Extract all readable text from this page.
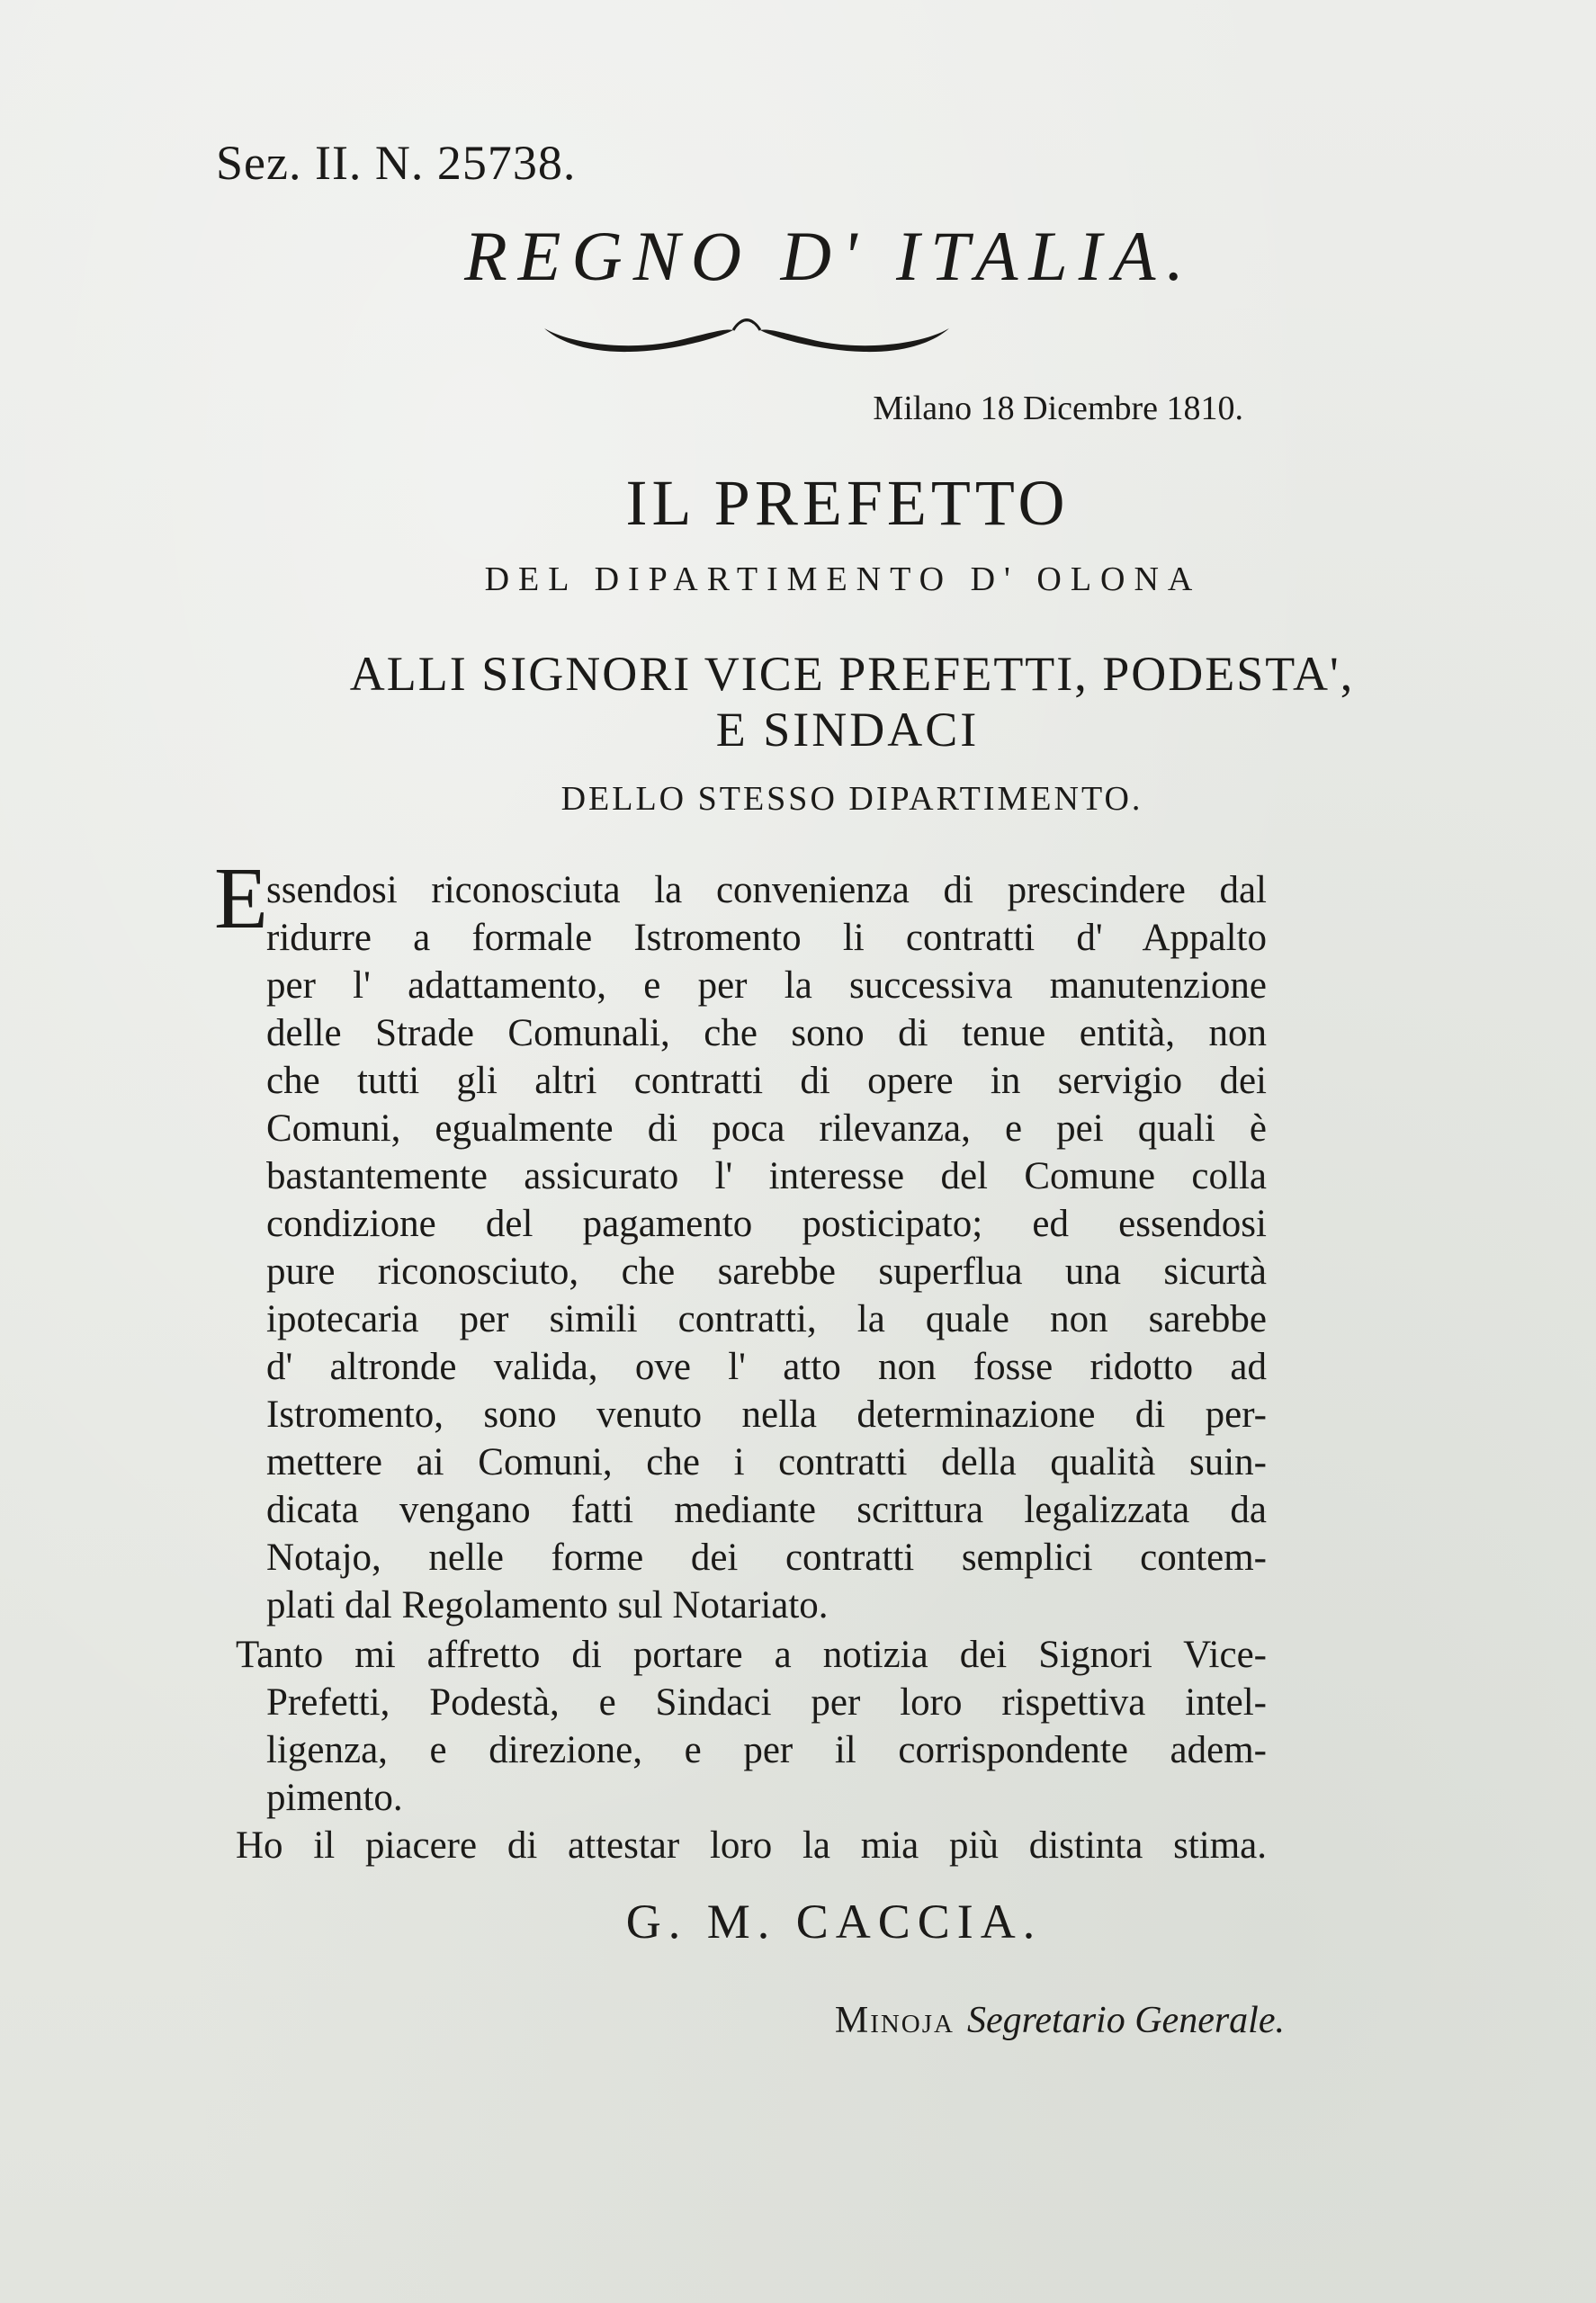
Sez. II. N. 25738.
REGNO D' ITALIA.
Milano 18 Dicembre 1810.
IL PREFETTO
DEL DIPARTIMENTO D' OLONA
ALLI SIGNORI VICE PREFETTI, PODESTA',
E SINDACI
DELLO STESSO DIPARTIMENTO.
E
ssendosi riconosciuta la convenienza di prescindere dal
ridurre a formale Istromento li contratti d' Appalto
per l' adattamento, e per la successiva manutenzione
delle Strade Comunali, che sono di tenue entità, non
che tutti gli altri contratti di opere in servigio dei
Comuni, egualmente di poca rilevanza, e pei quali è
bastantemente assicurato l' interesse del Comune colla
condizione del pagamento posticipato; ed essendosi
pure riconosciuto, che sarebbe superflua una sicurtà
ipotecaria per simili contratti, la quale non sarebbe
d' altronde valida, ove l' atto non fosse ridotto ad
Istromento, sono venuto nella determinazione di per-
mettere ai Comuni, che i contratti della qualità suin-
dicata vengano fatti mediante scrittura legalizzata da
Notajo, nelle forme dei contratti semplici contem-
plati dal Regolamento sul Notariato.
Tanto mi affretto di portare a notizia dei Signori Vice-
Prefetti, Podestà, e Sindaci per loro rispettiva intel-
ligenza, e direzione, e per il corrispondente adem-
pimento.
Ho il piacere di attestar loro la mia più distinta stima.
G. M. CACCIA.
Minoja Segretario Generale.
